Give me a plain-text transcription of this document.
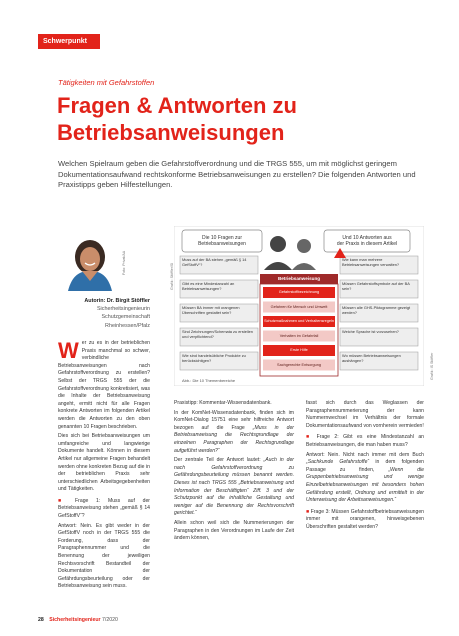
Schwerpunkt
Tätigkeiten mit Gefahrstoffen
Fragen & Antworten zu Betriebsanweisungen
Welchen Spielraum geben die Gefahrstoffverordnung und die TRGS 555, um mit möglichst geringem Dokumentationsaufwand rechtskonforme Betriebsanweisungen zu erstellen? Die folgenden Antworten und Praxistipps geben Hilfestellungen.
Foto: Privat/AA
Autorin: Dr. Birgit Stöffler
Sicherheitsingenieurin
Schutzgemeinschaft
Rheinhessen/Pfalz
Die 10 Fragen zur
Betriebsanweisungen
Und 10 Antworten aus
der Praxis in diesem Artikel
Betriebsanweisung
Muss auf der BA stehen „gemäß § 14 GefStoffV“?
Gibt es eine Mindestanzahl an Betriebsanweisungen?
Müssen BA immer mit orangenen Überschriften gestaltet sein?
Sind Zeichnungen/Schemata zu erstellen und verpflichtend?
Wie sind handelsübliche Produkte zu berücksichtigen?
Wie kann man mehrere Betriebsanweisungen verwalten?
Müssen Gefahrstoffsymbole auf der BA sein?
Müssen alle GHS-Piktogramme gezeigt werden?
Welche Sprache ist vorzusehen?
Wo müssen Betriebsanweisungen aushängen?
Gefahrstoffbezeichnung
Gefahren für Mensch und Umwelt
Schutzmaßnahmen und Verhaltensregeln
Verhalten im Gefahrfall
Erste Hilfe
Sachgerechte Entsorgung
Abb.: Die 10 Themenbereiche
Grafik: Stöffler/SI
Grafik: IS Stöffler

Wer zu es in der betrieblichen Praxis manchmal so schwer, verbindliche Betriebsanweisungen nach Gefahrstoffverordnung zu erstellen? Selbst der TRGS 555 der die Gefahrstoffverordnung konkretisiert, was die Inhalte der Betriebsanweisung angeht, ermitt nicht für alle Fragen konkrete Antworten im folgenden Artikel werden die Antworten zu den oben genannten 10 Fragen beschrieben.

Dies sich bei Betriebsanweisungen um umfangreiche und langwierige Dokumente handelt. Können in diesem Artikel nur allgemeine Fragen behandelt werden ohne konkreten Bezug auf die in der betrieblichen Praxis sehr unterschiedlichen Arbeitsgegebenheiten und Tätigkeiten.

■ Frage 1: Muss auf der Betriebsanweisung stehen „gemäß § 14 GefStoffV“?

Antwort: Nein. Es gibt weder in der GefStoffV noch in der TRGS 555 die Forderung, dass der Paragraphennummer und die Benennung der jeweiligen Rechtsvorschrift Bestandteil der Dokumentation der Gefährdungsbeurteilung oder der Betriebsanweisung sein muss.

Praxistipp: Kommentar-Wissensdatenbank.

In der KomNet-Wissensdatenbank, finden sich im KomNet-Dialog 15751 eine sehr hilfreiche Antwort bezogen auf die Frage „Muss in der Betriebsanweisung die Rechtsgrundlage der einzelnen Paragraphen der Rechtsgrundlage aufgeführt werden?“

Der zentrale Teil der Antwort lautet: „Auch in der nach Gefahrstoffverordnung zu Gefährdungsbeurteilung müssen benannt werden. Dieses ist nach TRGS 555 „Betriebsanweisung und Information der Beschäftigten“ Ziff. 3 und der Schutzpunkt auf die inhaltliche Gestaltung und weniger auf die Benennung der Rechtsvorschrift gerichtet.“

Allein schon weil sich die Nummerierungen der Paragraphen in den Verordnungen im Laufe der Zeit ändern können,

fasst sich durch das Weglassen der Paragraphennummerierung der kann Nummernwechsel im Verhältnis der formale Dokumentationsaufwand von vornherein vermieden!

■ Frage 2: Gibt es eine Mindestanzahl an Betriebsanweisungen, die man haben muss?

Antwort: Nein. Nicht nach immer mit dem Buch „Sachkunde Gefahrstoffe“ in dem folgenden Passage zu finden,	„Wenn die Gruppenbetriebsanweisung und wenige Einzelbetriebsanweisungen mit besonders hohen Gefährdung erstellt, Ordnung und ermittelt in der Unterweisung der Arbeitsanweisungen.“

■ Frage 3: Müssen Gefahrstoffbetriebsanweisungen immer mit orangenen, hinweisgebenen Überschriften gestaltet werden?

28 Sicherheitsingenieur 7/2020
